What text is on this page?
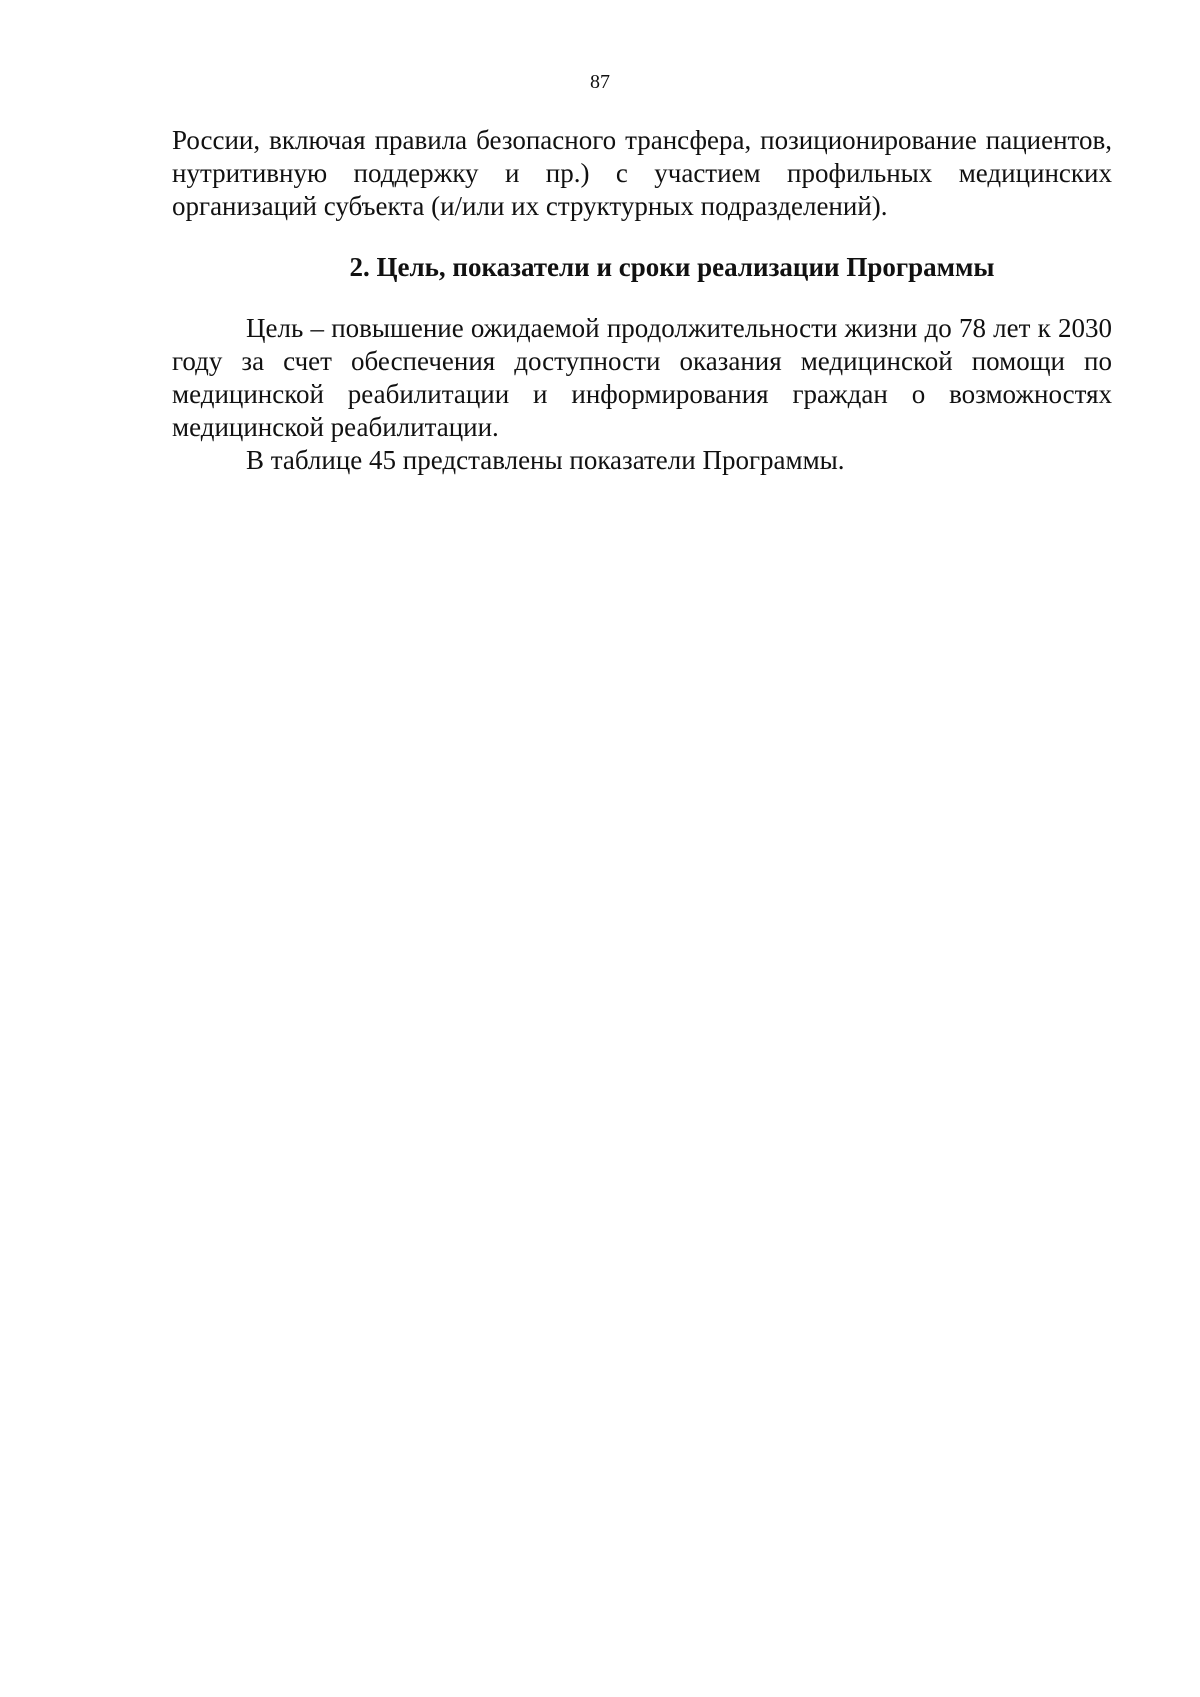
87
России, включая правила безопасного трансфера, позиционирование пациентов, нутритивную поддержку и пр.) с участием профильных медицинских организаций субъекта (и/или их структурных подразделений).
2. Цель, показатели и сроки реализации Программы

Цель – повышение ожидаемой продолжительности жизни до 78 лет к 2030 году за счет обеспечения доступности оказания медицинской помощи по медицинской реабилитации и информирования граждан о возможностях медицинской реабилитации.

В таблице 45 представлены показатели Программы.
